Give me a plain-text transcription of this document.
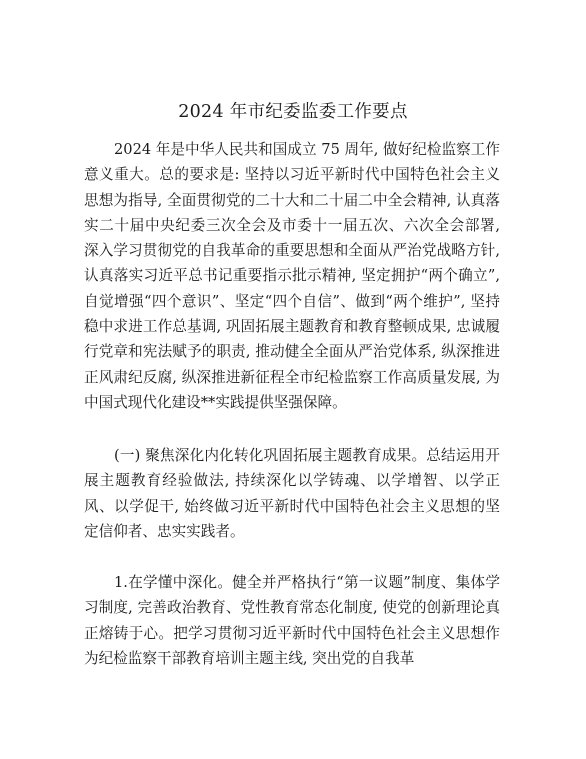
2024 年市纪委监委工作要点

2024 年是中华人民共和国成立 75 周年, 做好纪检监察工作意义重大。总的要求是: 坚持以习近平新时代中国特色社会主义思想为指导, 全面贯彻党的二十大和二十届二中全会精神, 认真落实二十届中央纪委三次全会及市委十一届五次、六次全会部署, 深入学习贯彻党的自我革命的重要思想和全面从严治党战略方针, 认真落实习近平总书记重要指示批示精神, 坚定拥护“两个确立”, 自觉增强“四个意识”、坚定“四个自信”、做到“两个维护”, 坚持稳中求进工作总基调, 巩固拓展主题教育和教育整顿成果, 忠诚履行党章和宪法赋予的职责, 推动健全全面从严治党体系, 纵深推进正风肃纪反腐, 纵深推进新征程全市纪检监察工作高质量发展, 为中国式现代化建设**实践提供坚强保障。

(一) 聚焦深化内化转化巩固拓展主题教育成果。总结运用开展主题教育经验做法, 持续深化以学铸魂、以学增智、以学正风、以学促干, 始终做习近平新时代中国特色社会主义思想的坚定信仰者、忠实实践者。

1.在学懂中深化。健全并严格执行“第一议题”制度、集体学习制度, 完善政治教育、党性教育常态化制度, 使党的创新理论真正熔铸于心。把学习贯彻习近平新时代中国特色社会主义思想作为纪检监察干部教育培训主题主线, 突出党的自我革
